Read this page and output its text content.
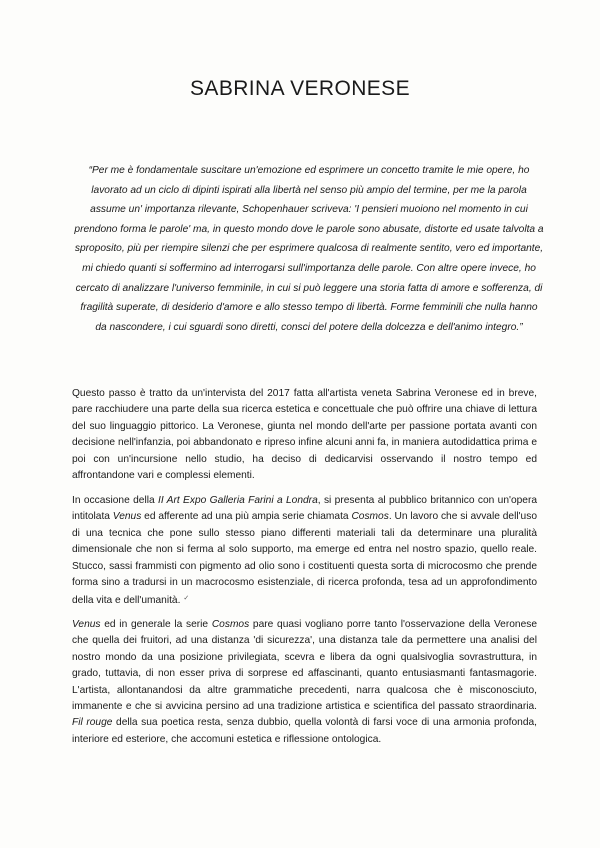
SABRINA VERONESE
“Per me è fondamentale suscitare un'emozione ed esprimere un concetto tramite le mie opere, ho lavorato ad un ciclo di dipinti ispirati alla libertà nel senso più ampio del termine, per me la parola assume un' importanza rilevante, Schopenhauer scriveva: 'I pensieri muoiono nel momento in cui prendono forma le parole' ma, in questo mondo dove le parole sono abusate, distorte ed usate talvolta a sproposito, più per riempire silenzi che per esprimere qualcosa di realmente sentito, vero ed importante, mi chiedo quanti si soffermino ad interrogarsi sull'importanza delle parole. Con altre opere invece, ho cercato di analizzare l'universo femminile, in cui si può leggere una storia fatta di amore e sofferenza, di fragilità superate, di desiderio d'amore e allo stesso tempo di libertà. Forme femminili che nulla hanno da nascondere, i cui sguardi sono diretti, consci del potere della dolcezza e dell'animo integro.”

Questo passo è tratto da un'intervista del 2017 fatta all'artista veneta Sabrina Veronese ed in breve, pare racchiudere una parte della sua ricerca estetica e concettuale che può offrire una chiave di lettura del suo linguaggio pittorico. La Veronese, giunta nel mondo dell'arte per passione portata avanti con decisione nell'infanzia, poi abbandonato e ripreso infine alcuni anni fa, in maniera autodidattica prima e poi con un'incursione nello studio, ha deciso di dedicarvisi osservando il nostro tempo ed affrontandone vari e complessi elementi.

In occasione della II Art Expo Galleria Farini a Londra, si presenta al pubblico britannico con un'opera intitolata Venus ed afferente ad una più ampia serie chiamata Cosmos. Un lavoro che si avvale dell'uso di una tecnica che pone sullo stesso piano differenti materiali tali da determinare una pluralità dimensionale che non si ferma al solo supporto, ma emerge ed entra nel nostro spazio, quello reale. Stucco, sassi frammisti con pigmento ad olio sono i costituenti questa sorta di microcosmo che prende forma sino a tradursi in un macrocosmo esistenziale, di ricerca profonda, tesa ad un approfondimento della vita e dell'umanità. ✓

Venus ed in generale la serie Cosmos pare quasi vogliano porre tanto l'osservazione della Veronese che quella dei fruitori, ad una distanza 'di sicurezza', una distanza tale da permettere una analisi del nostro mondo da una posizione privilegiata, scevra e libera da ogni qualsivoglia sovrastruttura, in grado, tuttavia, di non esser priva di sorprese ed affascinanti, quanto entusiasmanti fantasmagorie. L'artista, allontanandosi da altre grammatiche precedenti, narra qualcosa che è misconosciuto, immanente e che si avvicina persino ad una tradizione artistica e scientifica del passato straordinaria. Fil rouge della sua poetica resta, senza dubbio, quella volontà di farsi voce di una armonia profonda, interiore ed esteriore, che accomuni estetica e riflessione ontologica.
